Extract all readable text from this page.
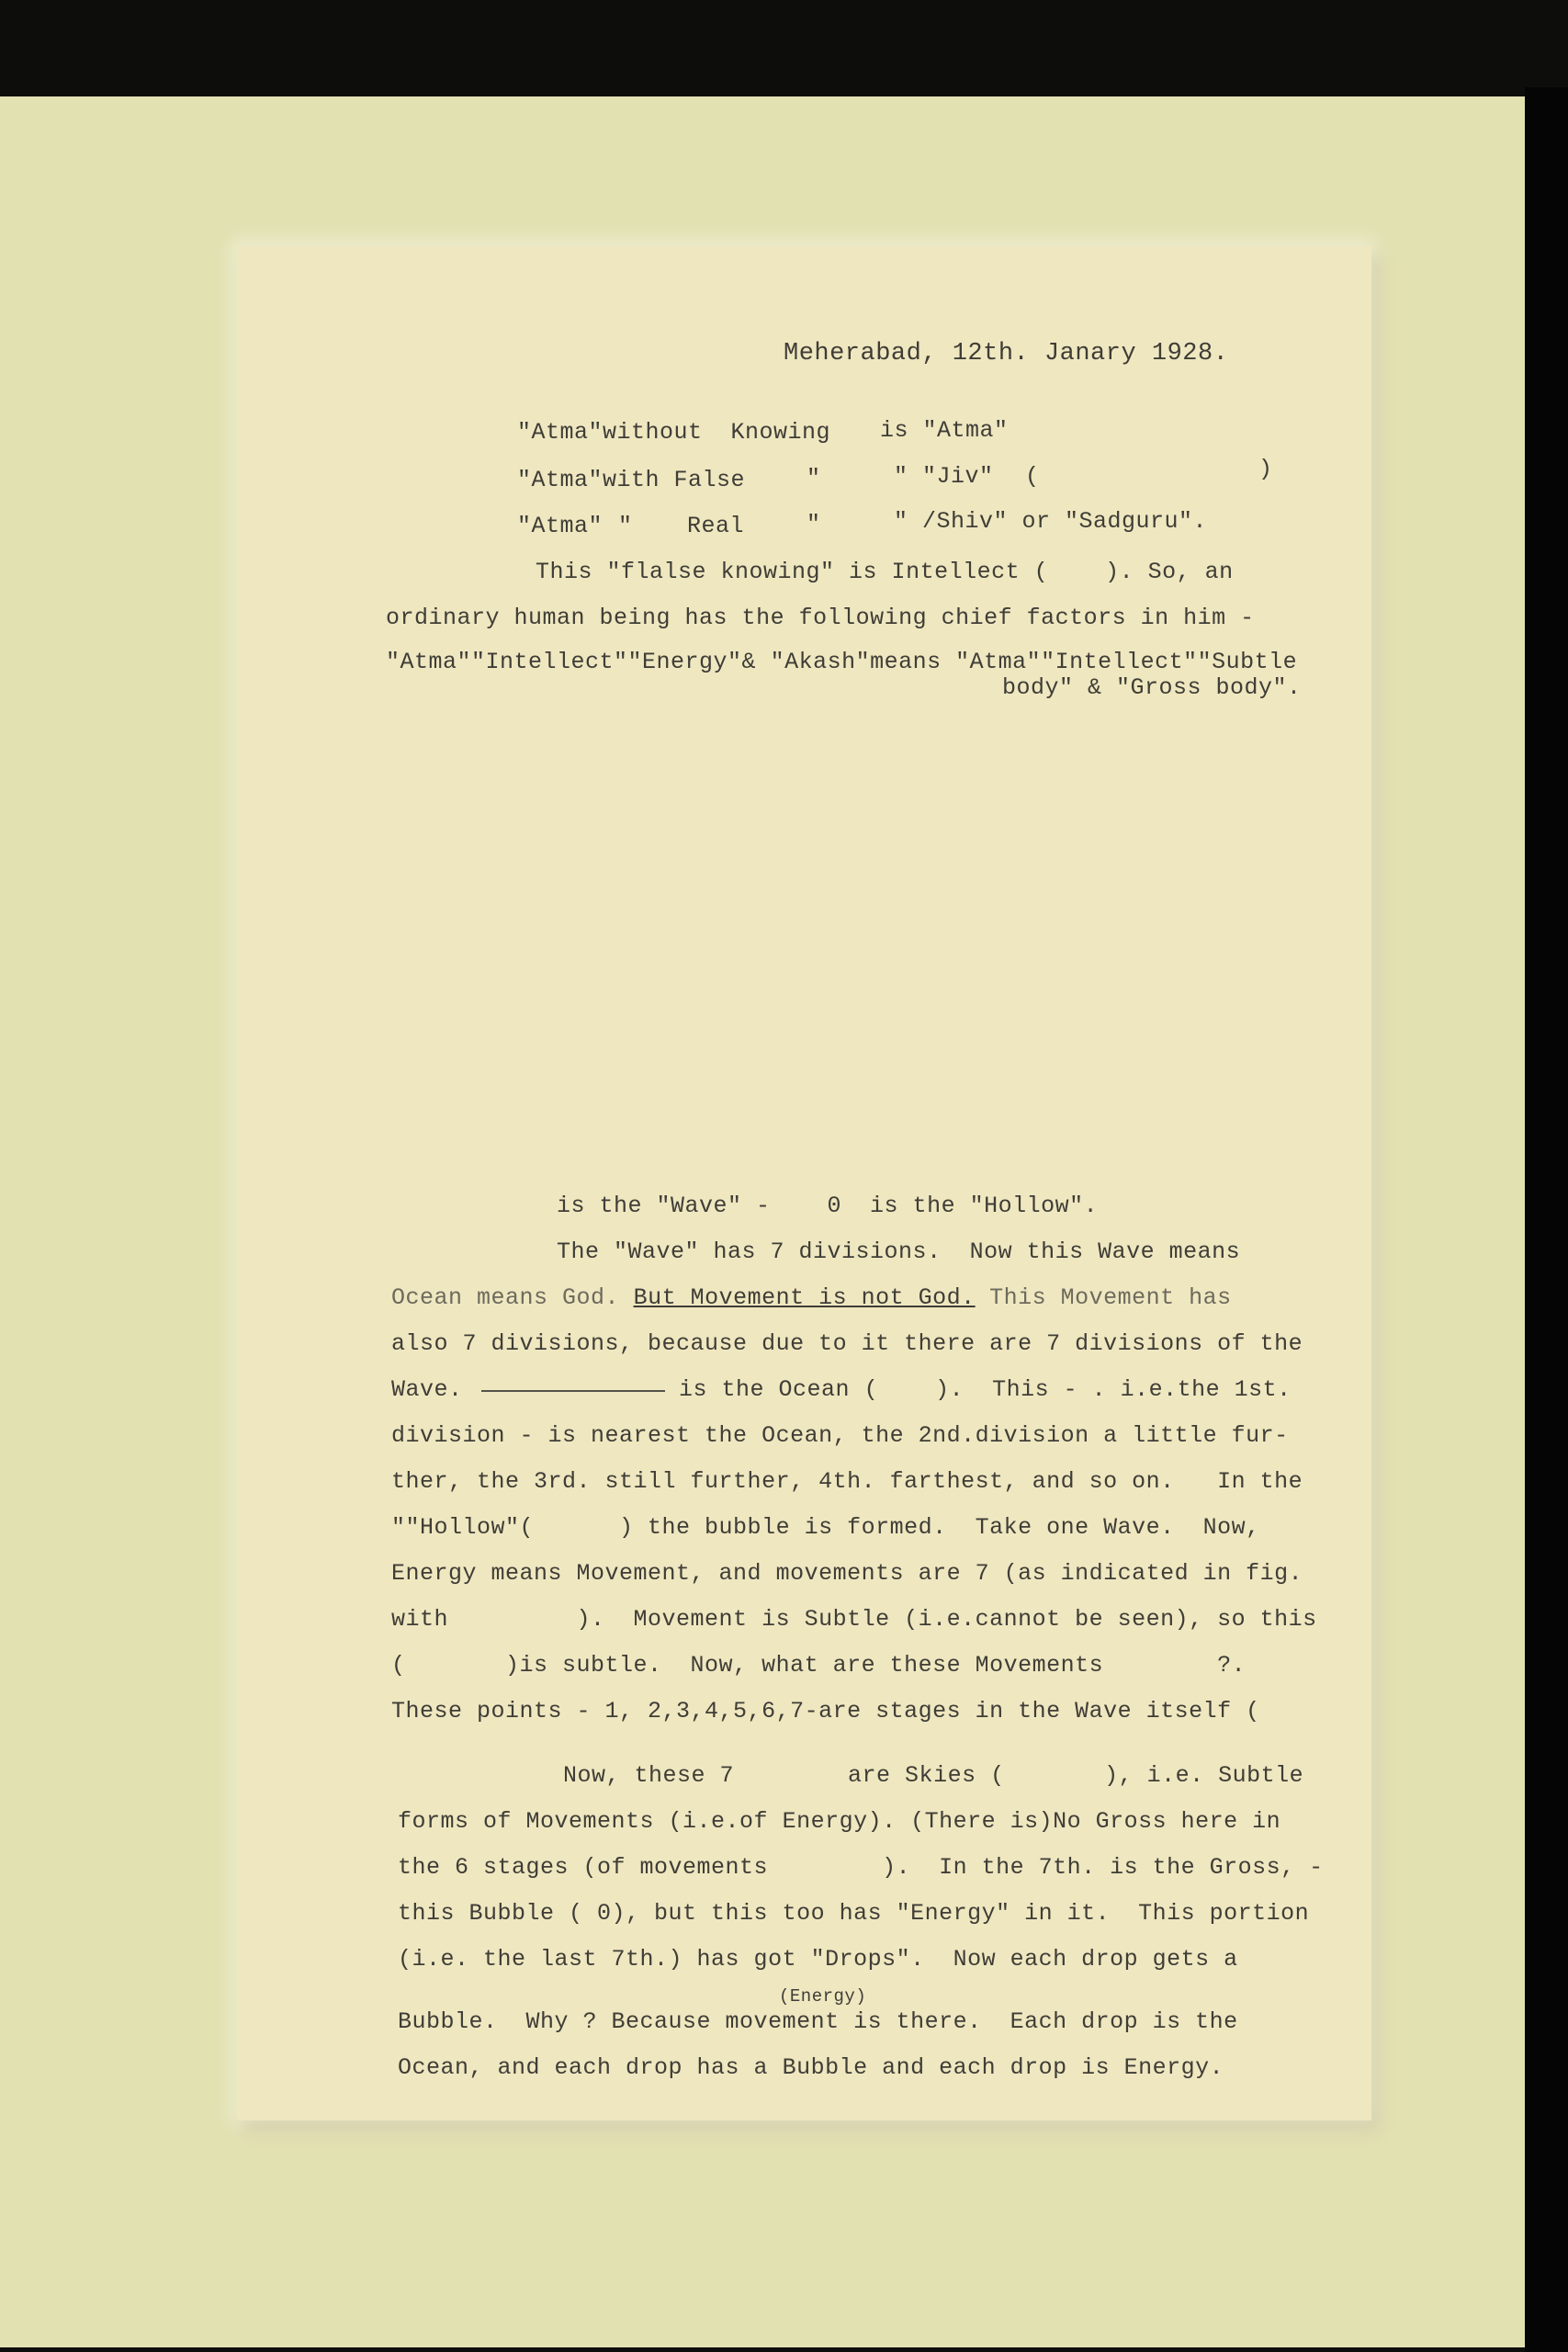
Meherabad, 12th. Janary 1928.
"Atma"without  Knowing is "Atma"
"Atma"with False	"	" "Jiv" (	)
"Atma" " Real	"	" /Shiv" or "Sadguru".
This "flalse knowing" is Intellect (    ). So, an
ordinary human being has the following chief factors in him -
"Atma""Intellect""Energy"& "Akash"means "Atma""Intellect""Subtle
body" & "Gross body".
is the "Wave" -    0  is the "Hollow".
The "Wave" has 7 divisions.  Now this Wave means
Ocean means God. But Movement is not God. This Movement has
also 7 divisions, because due to it there are 7 divisions of the
Wave.	is the Ocean (    ).  This - . i.e.the 1st.
division - is nearest the Ocean, the 2nd.division a little fur-
ther, the 3rd. still further, 4th. farthest, and so on.   In the
""Hollow"(      ) the bubble is formed.  Take one Wave.  Now,
Energy means Movement, and movements are 7 (as indicated in fig.
with         ).  Movement is Subtle (i.e.cannot be seen), so this
(       )is subtle.  Now, what are these Movements        ?.
These points - 1, 2,3,4,5,6,7-are stages in the Wave itself (
Now, these 7        are Skies (       ), i.e. Subtle
forms of Movements (i.e.of Energy). (There is)No Gross here in
the 6 stages (of movements        ).  In the 7th. is the Gross, -
this Bubble ( 0), but this too has "Energy" in it.  This portion
(i.e. the last 7th.) has got "Drops".  Now each drop gets a
(Energy)
Bubble.  Why ? Because movement is there.  Each drop is the
Ocean, and each drop has a Bubble and each drop is Energy.
